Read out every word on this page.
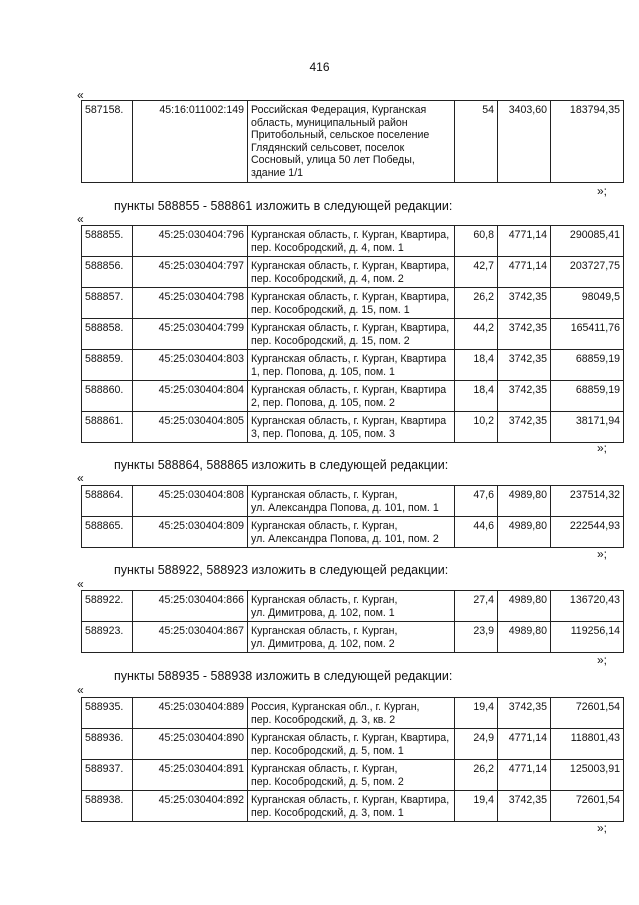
416
«
587158.	45:16:011002:149	Российская Федерация, Курганская
область, муниципальный район
Притобольный, сельское поселение
Глядянский сельсовет, поселок
Сосновый, улица 50 лет Победы,
здание 1/1
	54	3403,60	183794,35
»;
пункты 588855 - 588861 изложить в следующей редакции:
«
588855.	45:25:030404:796	Курганская область, г. Курган, Квартира,
пер. Кособродский, д. 4, пом. 1	60,8	4771,14	290085,41
588856.	45:25:030404:797	Курганская область, г. Курган, Квартира,
пер. Кособродский, д. 4, пом. 2	42,7	4771,14	203727,75
588857.	45:25:030404:798	Курганская область, г. Курган, Квартира,
пер. Кособродский, д. 15, пом. 1	26,2	3742,35	98049,5
588858.	45:25:030404:799	Курганская область, г. Курган, Квартира,
пер. Кособродский, д. 15, пом. 2	44,2	3742,35	165411,76
588859.	45:25:030404:803	Курганская область, г. Курган, Квартира
1, пер. Попова, д. 105, пом. 1	18,4	3742,35	68859,19
588860.	45:25:030404:804	Курганская область, г. Курган, Квартира
2, пер. Попова, д. 105, пом. 2	18,4	3742,35	68859,19
588861.	45:25:030404:805	Курганская область, г. Курган, Квартира
3, пер. Попова, д. 105, пом. 3	10,2	3742,35	38171,94
»;
пункты 588864, 588865 изложить в следующей редакции:
«
588864.	45:25:030404:808	Курганская область, г. Курган,
ул. Александра Попова, д. 101, пом. 1	47,6	4989,80	237514,32
588865.	45:25:030404:809	Курганская область, г. Курган,
ул. Александра Попова, д. 101, пом. 2	44,6	4989,80	222544,93
»;
пункты 588922, 588923 изложить в следующей редакции:
«
588922.	45:25:030404:866	Курганская область, г. Курган,
ул. Димитрова, д. 102, пом. 1	27,4	4989,80	136720,43
588923.	45:25:030404:867	Курганская область, г. Курган,
ул. Димитрова, д. 102, пом. 2	23,9	4989,80	119256,14
»;
пункты 588935 - 588938 изложить в следующей редакции:
«
588935.	45:25:030404:889	Россия, Курганская обл., г. Курган,
пер. Кособродский, д. 3, кв. 2	19,4	3742,35	72601,54
588936.	45:25:030404:890	Курганская область, г. Курган, Квартира,
пер. Кособродский, д. 5, пом. 1	24,9	4771,14	118801,43
588937.	45:25:030404:891	Курганская область, г. Курган,
пер. Кособродский, д. 5, пом. 2	26,2	4771,14	125003,91
588938.	45:25:030404:892	Курганская область, г. Курган, Квартира,
пер. Кособродский, д. 3, пом. 1	19,4	3742,35	72601,54
»;
